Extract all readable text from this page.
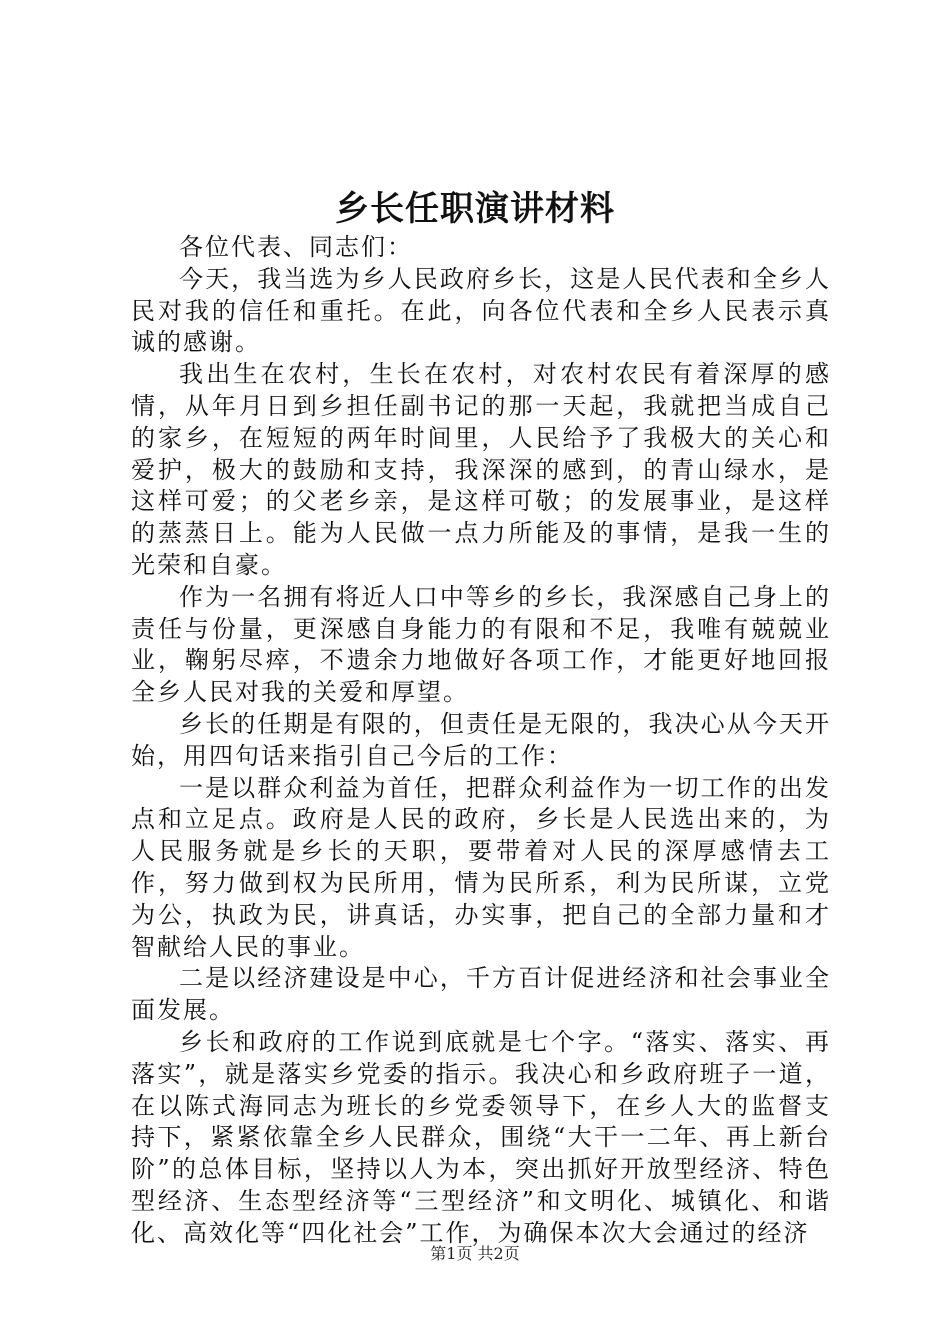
乡长任职演讲材料

各位代表、同志们：

今天，我当选为乡人民政府乡长，这是人民代表和全乡人民对我的信任和重托。在此，向各位代表和全乡人民表示真诚的感谢。

我出生在农村，生长在农村，对农村农民有着深厚的感情，从年月日到乡担任副书记的那一天起，我就把当成自己的家乡，在短短的两年时间里，人民给予了我极大的关心和爱护，极大的鼓励和支持，我深深的感到，的青山绿水，是这样可爱；的父老乡亲，是这样可敬；的发展事业，是这样的蒸蒸日上。能为人民做一点力所能及的事情，是我一生的光荣和自豪。

作为一名拥有将近人口中等乡的乡长，我深感自己身上的责任与份量，更深感自身能力的有限和不足，我唯有兢兢业业，鞠躬尽瘁，不遗余力地做好各项工作，才能更好地回报全乡人民对我的关爱和厚望。

乡长的任期是有限的，但责任是无限的，我决心从今天开始，用四句话来指引自己今后的工作：

一是以群众利益为首任，把群众利益作为一切工作的出发点和立足点。政府是人民的政府，乡长是人民选出来的，为人民服务就是乡长的天职，要带着对人民的深厚感情去工作，努力做到权为民所用，情为民所系，利为民所谋，立党为公，执政为民，讲真话，办实事，把自己的全部力量和才智献给人民的事业。

二是以经济建设是中心，千方百计促进经济和社会事业全面发展。

乡长和政府的工作说到底就是七个字。“落实、落实、再落实”，就是落实乡党委的指示。我决心和乡政府班子一道，在以陈式海同志为班长的乡党委领导下，在乡人大的监督支持下，紧紧依靠全乡人民群众，围绕“大干一二年、再上新台阶”的总体目标，坚持以人为本，突出抓好开放型经济、特色型经济、生态型经济等“三型经济”和文明化、城镇化、和谐化、高效化等“四化社会”工作，为确保本次大会通过的经济

第1页 共2页
